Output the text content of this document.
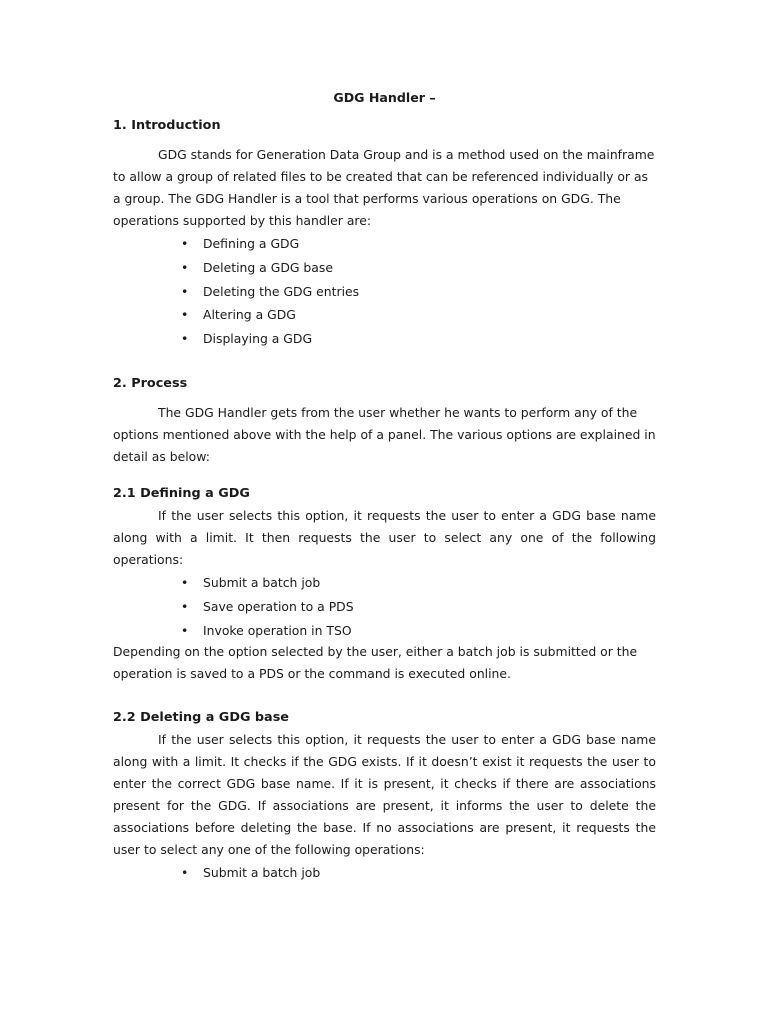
GDG Handler –
1. Introduction

GDG stands for Generation Data Group and is a method used on the mainframe to allow a group of related files to be created that can be referenced individually or as a group. The GDG Handler is a tool that performs various operations on GDG. The operations supported by this handler are:

• Defining a GDG
• Deleting a GDG base
• Deleting the GDG entries
• Altering a GDG
• Displaying a GDG
2. Process

The GDG Handler gets from the user whether he wants to perform any of the options mentioned above with the help of a panel. The various options are explained in detail as below:

2.1 Defining a GDG

If the user selects this option, it requests the user to enter a GDG base name along with a limit. It then requests the user to select any one of the following operations:

• Submit a batch job
• Save operation to a PDS
• Invoke operation in TSO

Depending on the option selected by the user, either a batch job is submitted or the operation is saved to a PDS or the command is executed online.

2.2 Deleting a GDG base

If the user selects this option, it requests the user to enter a GDG base name along with a limit. It checks if the GDG exists. If it doesn’t exist it requests the user to enter the correct GDG base name. If it is present, it checks if there are associations present for the GDG. If associations are present, it informs the user to delete the associations before deleting the base. If no associations are present, it requests the user to select any one of the following operations:

• Submit a batch job
